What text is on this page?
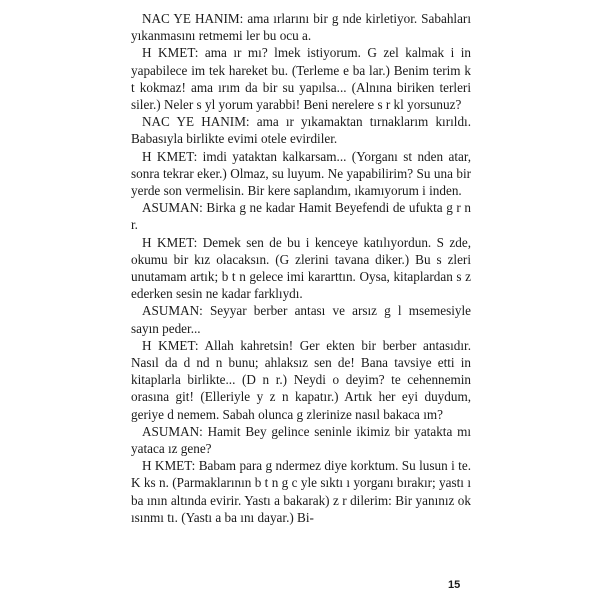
NAC YE HANIM: ama ırlarını bir g nde kirletiyor. Sabahları yıkanmasını retmemi ler bu ocu a.

H KMET: ama ır mı? lmek istiyorum. G zel kalmak i in yapabilece im tek hareket bu. (Terleme e ba lar.) Benim terim k t kokmaz! ama ırım da bir su yapılsa... (Alnına biriken terleri siler.) Neler s yl yorum yarabbi! Beni nerelere s r kl yorsunuz?

NAC YE HANIM: ama ır yıkamaktan tırnaklarım kırıldı. Babasıyla birlikte evimi otele evirdiler.

H KMET: imdi yataktan kalkarsam... (Yorganı st nden atar, sonra tekrar eker.) Olmaz, su luyum. Ne yapabilirim? Su una bir yerde son vermelisin. Bir kere saplandım, ıkamıyorum i inden.

ASUMAN: Birka g ne kadar Hamit Beyefendi de ufukta g r n r.

H KMET: Demek sen de bu i kenceye katılıyordun. S zde, okumu bir kız olacaksın. (G zlerini tavana diker.) Bu s zleri unutamam artık; b t n gelece imi kararttın. Oysa, kitaplardan s z ederken sesin ne kadar farklıydı.

ASUMAN: Seyyar berber antası ve arsız g l msemesiyle sayın peder...

H KMET: Allah kahretsin! Ger ekten bir berber antasıdır. Nasıl da d nd n bunu; ahlaksız sen de! Bana tavsiye etti in kitaplarla birlikte... (D n r.) Neydi o deyim? te cehennemin orasına git! (Elleriyle y z n kapatır.) Artık her eyi duydum, geriye d nemem. Sabah olunca g zlerinize nasıl bakaca ım?

ASUMAN: Hamit Bey gelince seninle ikimiz bir yatakta mı yataca ız gene?

H KMET: Babam para g ndermez diye korktum. Su lusun i te. K ks n. (Parmaklarının b t n g c yle sıktı ı yorganı bırakır; yastı ı ba ının altında evirir. Yastı a bakarak) z r dilerim: Bir yanınız ok ısınmı tı. (Yastı a ba ını dayar.) Bi-

15
